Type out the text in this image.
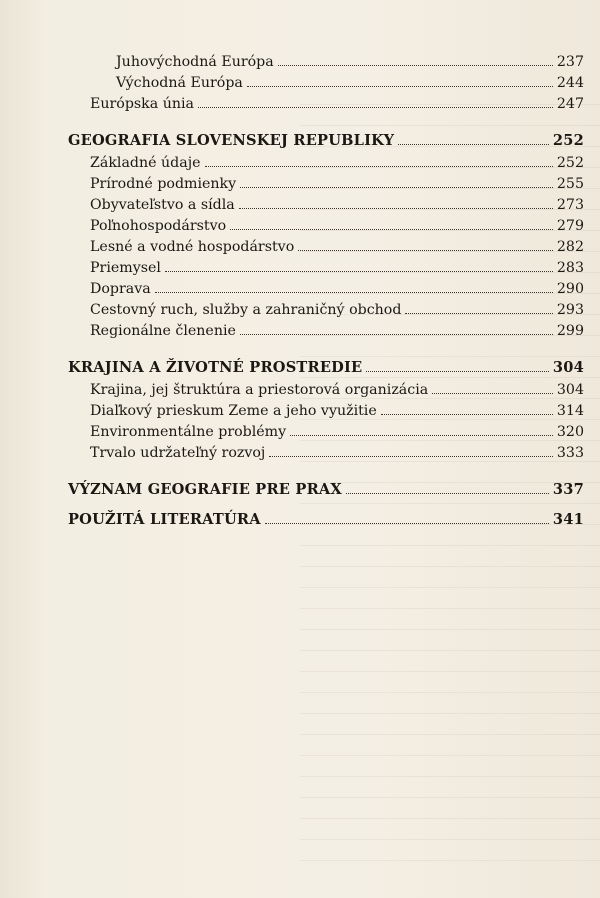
Juhovýchodná Európa	237
Východná Európa	244
Európska únia	247
GEOGRAFIA SLOVENSKEJ REPUBLIKY	252
Základné údaje	252
Prírodné podmienky	255
Obyvateľstvo a sídla	273
Poľnohospodárstvo	279
Lesné a vodné hospodárstvo	282
Priemysel	283
Doprava	290
Cestovný ruch, služby a zahraničný obchod	293
Regionálne členenie	299
KRAJINA A ŽIVOTNÉ PROSTREDIE	304
Krajina, jej štruktúra a priestorová organizácia	304
Diaľkový prieskum Zeme a jeho využitie	314
Environmentálne problémy	320
Trvalo udržateľný rozvoj	333
VÝZNAM GEOGRAFIE PRE PRAX	337
POUŽITÁ LITERATÚRA	341
